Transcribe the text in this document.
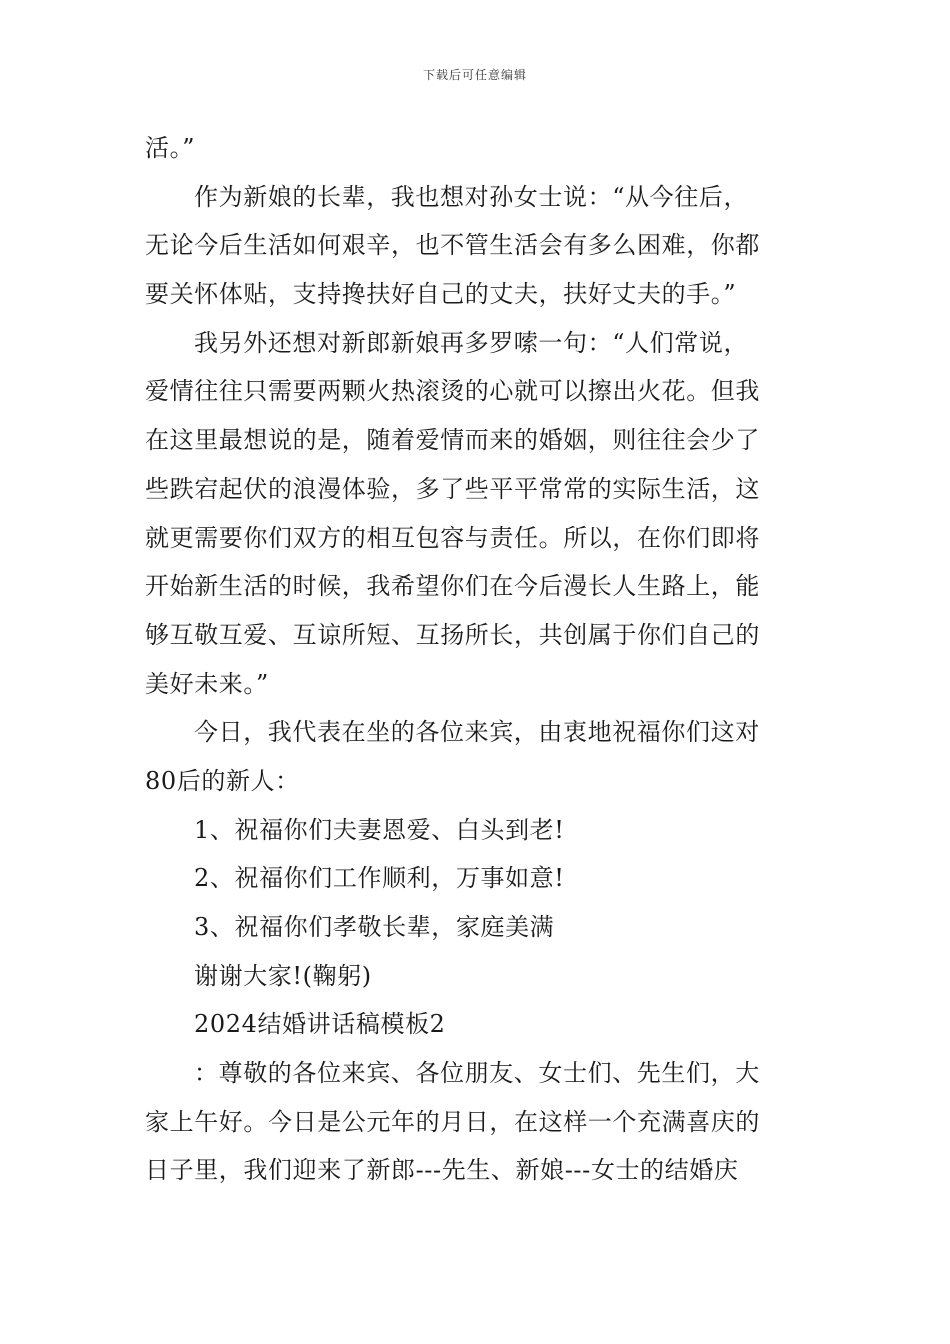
下载后可任意编辑
活。”
作为新娘的长辈，我也想对孙女士说：“从今往后，
无论今后生活如何艰辛，也不管生活会有多么困难，你都
要关怀体贴，支持搀扶好自己的丈夫，扶好丈夫的手。”
我另外还想对新郎新娘再多罗嗦一句：“人们常说，
爱情往往只需要两颗火热滚烫的心就可以擦出火花。但我
在这里最想说的是，随着爱情而来的婚姻，则往往会少了
些跌宕起伏的浪漫体验，多了些平平常常的实际生活，这
就更需要你们双方的相互包容与责任。所以，在你们即将
开始新生活的时候，我希望你们在今后漫长人生路上，能
够互敬互爱、互谅所短、互扬所长，共创属于你们自己的
美好未来。”
今日，我代表在坐的各位来宾，由衷地祝福你们这对
80后的新人：
1、祝福你们夫妻恩爱、白头到老!
2、祝福你们工作顺利，万事如意!
3、祝福你们孝敬长辈，家庭美满
谢谢大家!(鞠躬)
2024结婚讲话稿模板2
：尊敬的各位来宾、各位朋友、女士们、先生们，大
家上午好。今日是公元年的月日，在这样一个充满喜庆的
日子里，我们迎来了新郎---先生、新娘---女士的结婚庆
